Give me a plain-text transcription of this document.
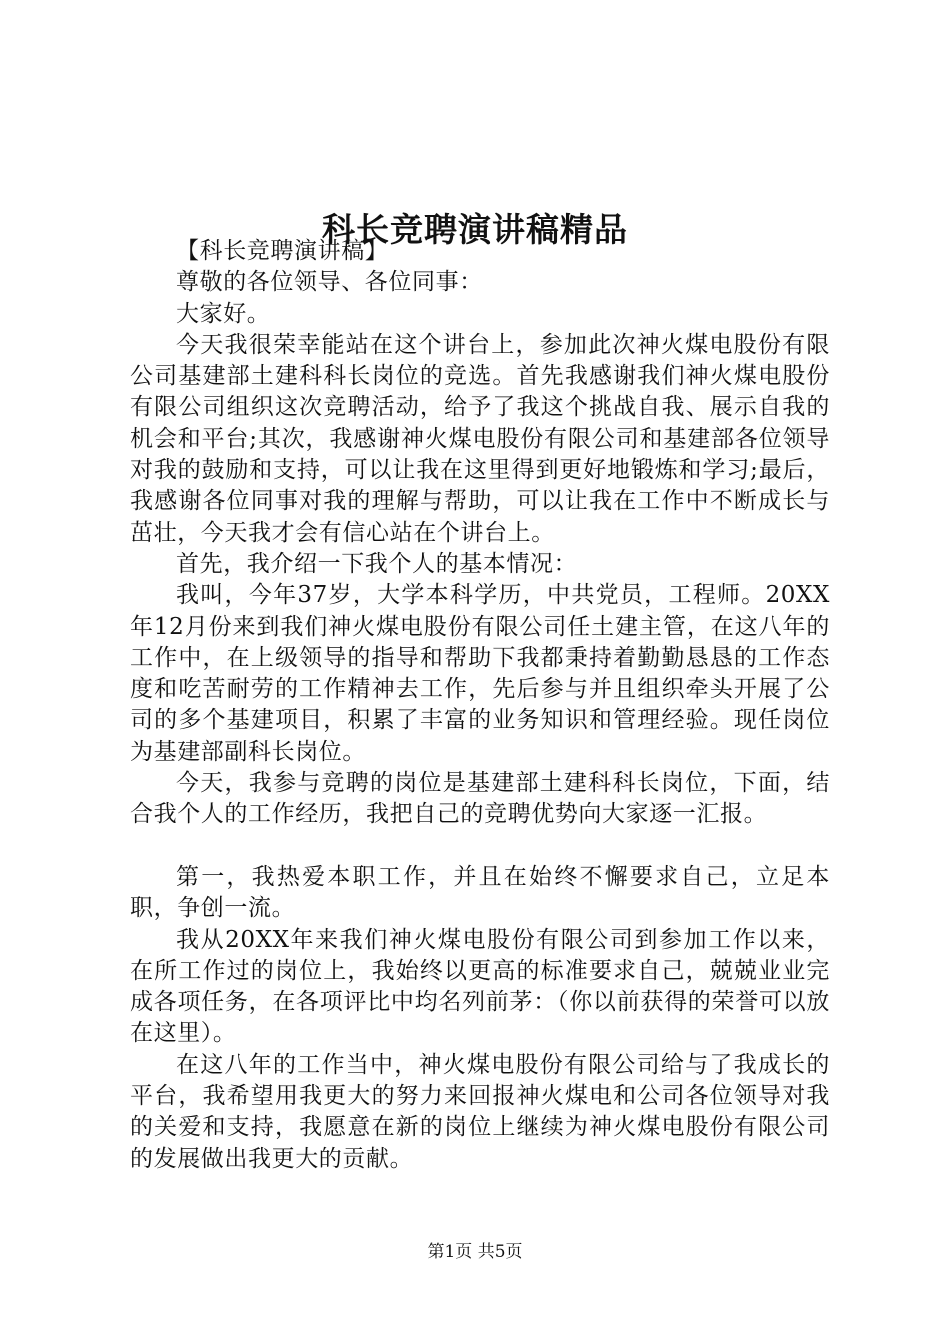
科长竞聘演讲稿精品

【科长竞聘演讲稿】

尊敬的各位领导、各位同事：

大家好。

今天我很荣幸能站在这个讲台上，参加此次神火煤电股份有限公司基建部土建科科长岗位的竞选。首先我感谢我们神火煤电股份有限公司组织这次竞聘活动，给予了我这个挑战自我、展示自我的机会和平台;其次，我感谢神火煤电股份有限公司和基建部各位领导对我的鼓励和支持，可以让我在这里得到更好地锻炼和学习;最后，我感谢各位同事对我的理解与帮助，可以让我在工作中不断成长与茁壮，今天我才会有信心站在个讲台上。

首先，我介绍一下我个人的基本情况：

我叫，今年37岁，大学本科学历，中共党员，工程师。20XX年12月份来到我们神火煤电股份有限公司任土建主管，在这八年的工作中，在上级领导的指导和帮助下我都秉持着勤勤恳恳的工作态度和吃苦耐劳的工作精神去工作，先后参与并且组织牵头开展了公司的多个基建项目，积累了丰富的业务知识和管理经验。现任岗位为基建部副科长岗位。

今天，我参与竞聘的岗位是基建部土建科科长岗位，下面，结合我个人的工作经历，我把自己的竞聘优势向大家逐一汇报。

第一，我热爱本职工作，并且在始终不懈要求自己，立足本职，争创一流。

我从20XX年来我们神火煤电股份有限公司到参加工作以来，在所工作过的岗位上，我始终以更高的标准要求自己，兢兢业业完成各项任务，在各项评比中均名列前茅：（你以前获得的荣誉可以放在这里）。

在这八年的工作当中，神火煤电股份有限公司给与了我成长的平台，我希望用我更大的努力来回报神火煤电和公司各位领导对我的关爱和支持，我愿意在新的岗位上继续为神火煤电股份有限公司的发展做出我更大的贡献。

第1页 共5页
